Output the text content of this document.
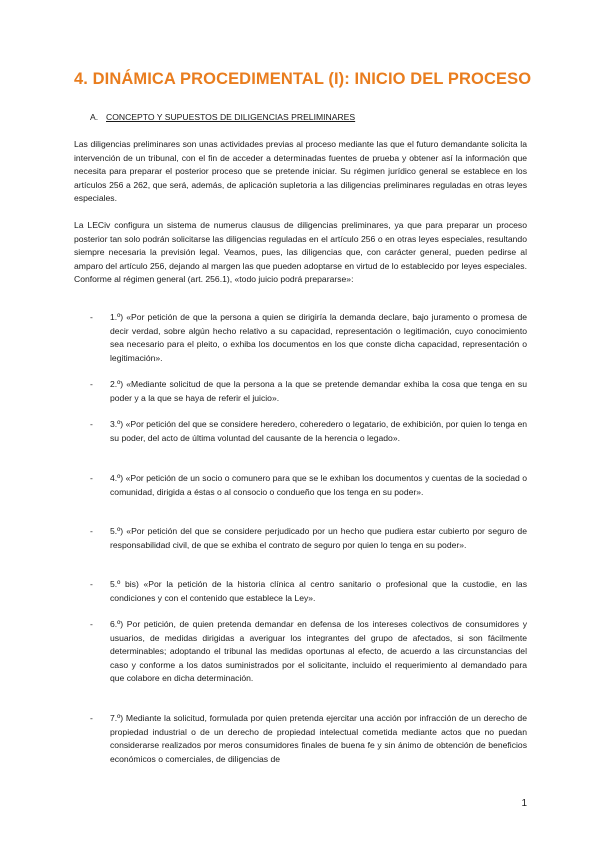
4. DINÁMICA PROCEDIMENTAL (I): INICIO DEL PROCESO
A. CONCEPTO Y SUPUESTOS DE DILIGENCIAS PRELIMINARES

Las diligencias preliminares son unas actividades previas al proceso mediante las que el futuro demandante solicita la intervención de un tribunal, con el fin de acceder a determinadas fuentes de prueba y obtener así la información que necesita para preparar el posterior proceso que se pretende iniciar. Su régimen jurídico general se establece en los artículos 256 a 262, que será, además, de aplicación supletoria a las diligencias preliminares reguladas en otras leyes especiales.

La LECiv configura un sistema de numerus clausus de diligencias preliminares, ya que para preparar un proceso posterior tan solo podrán solicitarse las diligencias reguladas en el artículo 256 o en otras leyes especiales, resultando siempre necesaria la previsión legal. Veamos, pues, las diligencias que, con carácter general, pueden pedirse al amparo del artículo 256, dejando al margen las que pueden adoptarse en virtud de lo establecido por leyes especiales. Conforme al régimen general (art. 256.1), «todo juicio podrá prepararse»:

- 1.º) «Por petición de que la persona a quien se dirigiría la demanda declare, bajo juramento o promesa de decir verdad, sobre algún hecho relativo a su capacidad, representación o legitimación, cuyo conocimiento sea necesario para el pleito, o exhiba los documentos en los que conste dicha capacidad, representación o legitimación».

- 2.º) «Mediante solicitud de que la persona a la que se pretende demandar exhiba la cosa que tenga en su poder y a la que se haya de referir el juicio».

- 3.º) «Por petición del que se considere heredero, coheredero o legatario, de exhibición, por quien lo tenga en su poder, del acto de última voluntad del causante de la herencia o legado».

- 4.º) «Por petición de un socio o comunero para que se le exhiban los documentos y cuentas de la sociedad o comunidad, dirigida a éstas o al consocio o condueño que los tenga en su poder».

- 5.º) «Por petición del que se considere perjudicado por un hecho que pudiera estar cubierto por seguro de responsabilidad civil, de que se exhiba el contrato de seguro por quien lo tenga en su poder».

- 5.º bis) «Por la petición de la historia clínica al centro sanitario o profesional que la custodie, en las condiciones y con el contenido que establece la Ley».

- 6.º) Por petición, de quien pretenda demandar en defensa de los intereses colectivos de consumidores y usuarios, de medidas dirigidas a averiguar los integrantes del grupo de afectados, si son fácilmente determinables; adoptando el tribunal las medidas oportunas al efecto, de acuerdo a las circunstancias del caso y conforme a los datos suministrados por el solicitante, incluido el requerimiento al demandado para que colabore en dicha determinación.

- 7.º) Mediante la solicitud, formulada por quien pretenda ejercitar una acción por infracción de un derecho de propiedad industrial o de un derecho de propiedad intelectual cometida mediante actos que no puedan considerarse realizados por meros consumidores finales de buena fe y sin ánimo de obtención de beneficios económicos o comerciales, de diligencias de

1
